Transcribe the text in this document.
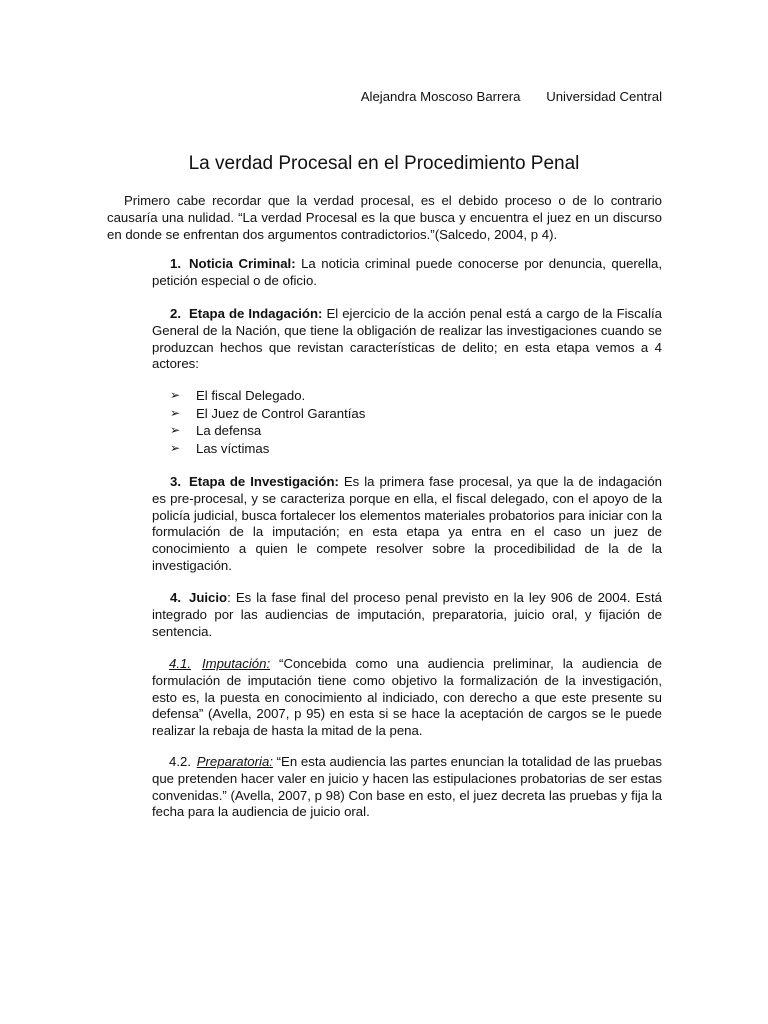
Alejandra Moscoso Barrera Universidad Central
La verdad Procesal en el Procedimiento Penal
Primero cabe recordar que la verdad procesal, es el debido proceso o de lo contrario causaría una nulidad. “La verdad Procesal es la que busca y encuentra el juez en un discurso en donde se enfrentan dos argumentos contradictorios.”(Salcedo, 2004, p 4).
1. Noticia Criminal: La noticia criminal puede conocerse por denuncia, querella, petición especial o de oficio.
2. Etapa de Indagación: El ejercicio de la acción penal está a cargo de la Fiscalía General de la Nación, que tiene la obligación de realizar las investigaciones cuando se produzcan hechos que revistan características de delito; en esta etapa vemos a 4 actores:
➢ El fiscal Delegado.
➢ El Juez de Control Garantías
➢ La defensa
➢ Las víctimas
3. Etapa de Investigación: Es la primera fase procesal, ya que la de indagación es pre-procesal, y se caracteriza porque en ella, el fiscal delegado, con el apoyo de la policía judicial, busca fortalecer los elementos materiales probatorios para iniciar con la formulación de la imputación; en esta etapa ya entra en el caso un juez de conocimiento a quien le compete resolver sobre la procedibilidad de la de la investigación.
4. Juicio: Es la fase final del proceso penal previsto en la ley 906 de 2004. Está integrado por las audiencias de imputación, preparatoria, juicio oral, y fijación de sentencia.
4.1. Imputación: “Concebida como una audiencia preliminar, la audiencia de formulación de imputación tiene como objetivo la formalización de la investigación, esto es, la puesta en conocimiento al indiciado, con derecho a que este presente su defensa” (Avella, 2007, p 95) en esta si se hace la aceptación de cargos se le puede realizar la rebaja de hasta la mitad de la pena.
4.2. Preparatoria: “En esta audiencia las partes enuncian la totalidad de las pruebas que pretenden hacer valer en juicio y hacen las estipulaciones probatorias de ser estas convenidas.” (Avella, 2007, p 98) Con base en esto, el juez decreta las pruebas y fija la fecha para la audiencia de juicio oral.
